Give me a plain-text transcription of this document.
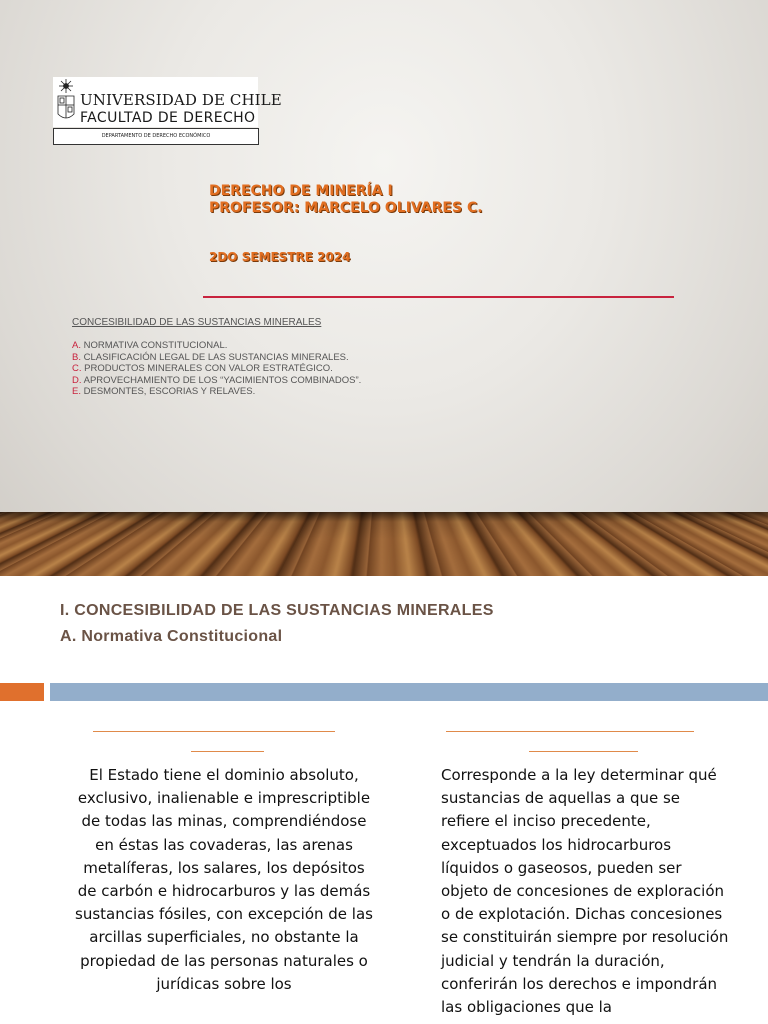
UNIVERSIDAD DE CHILE
FACULTAD DE DERECHO
DEPARTAMENTO DE DERECHO ECONÓMICO
DERECHO DE MINERÍA I
PROFESOR: MARCELO OLIVARES C.
2DO SEMESTRE 2024
CONCESIBILIDAD DE LAS SUSTANCIAS MINERALES
A. NORMATIVA CONSTITUCIONAL.
B. CLASIFICACIÓN LEGAL DE LAS SUSTANCIAS MINERALES.
C. PRODUCTOS MINERALES CON VALOR ESTRATÉGICO.
D. APROVECHAMIENTO DE LOS “YACIMIENTOS COMBINADOS”.
E. DESMONTES, ESCORIAS Y RELAVES.
I. CONCESIBILIDAD DE LAS SUSTANCIAS MINERALES
A. Normativa Constitucional
El Estado tiene el dominio absoluto, exclusivo, inalienable e imprescriptible de todas las minas, comprendiéndose en éstas las covaderas, las arenas metalíferas, los salares, los depósitos de carbón e hidrocarburos y las demás sustancias fósiles, con excepción de las arcillas superficiales, no obstante la propiedad de las personas naturales o jurídicas sobre los
Corresponde a la ley determinar qué sustancias de aquellas a que se refiere el inciso precedente, exceptuados los hidrocarburos líquidos o gaseosos, pueden ser objeto de concesiones de exploración o de explotación. Dichas concesiones se constituirán siempre por resolución judicial y tendrán la duración, conferirán los derechos e impondrán las obligaciones que la
